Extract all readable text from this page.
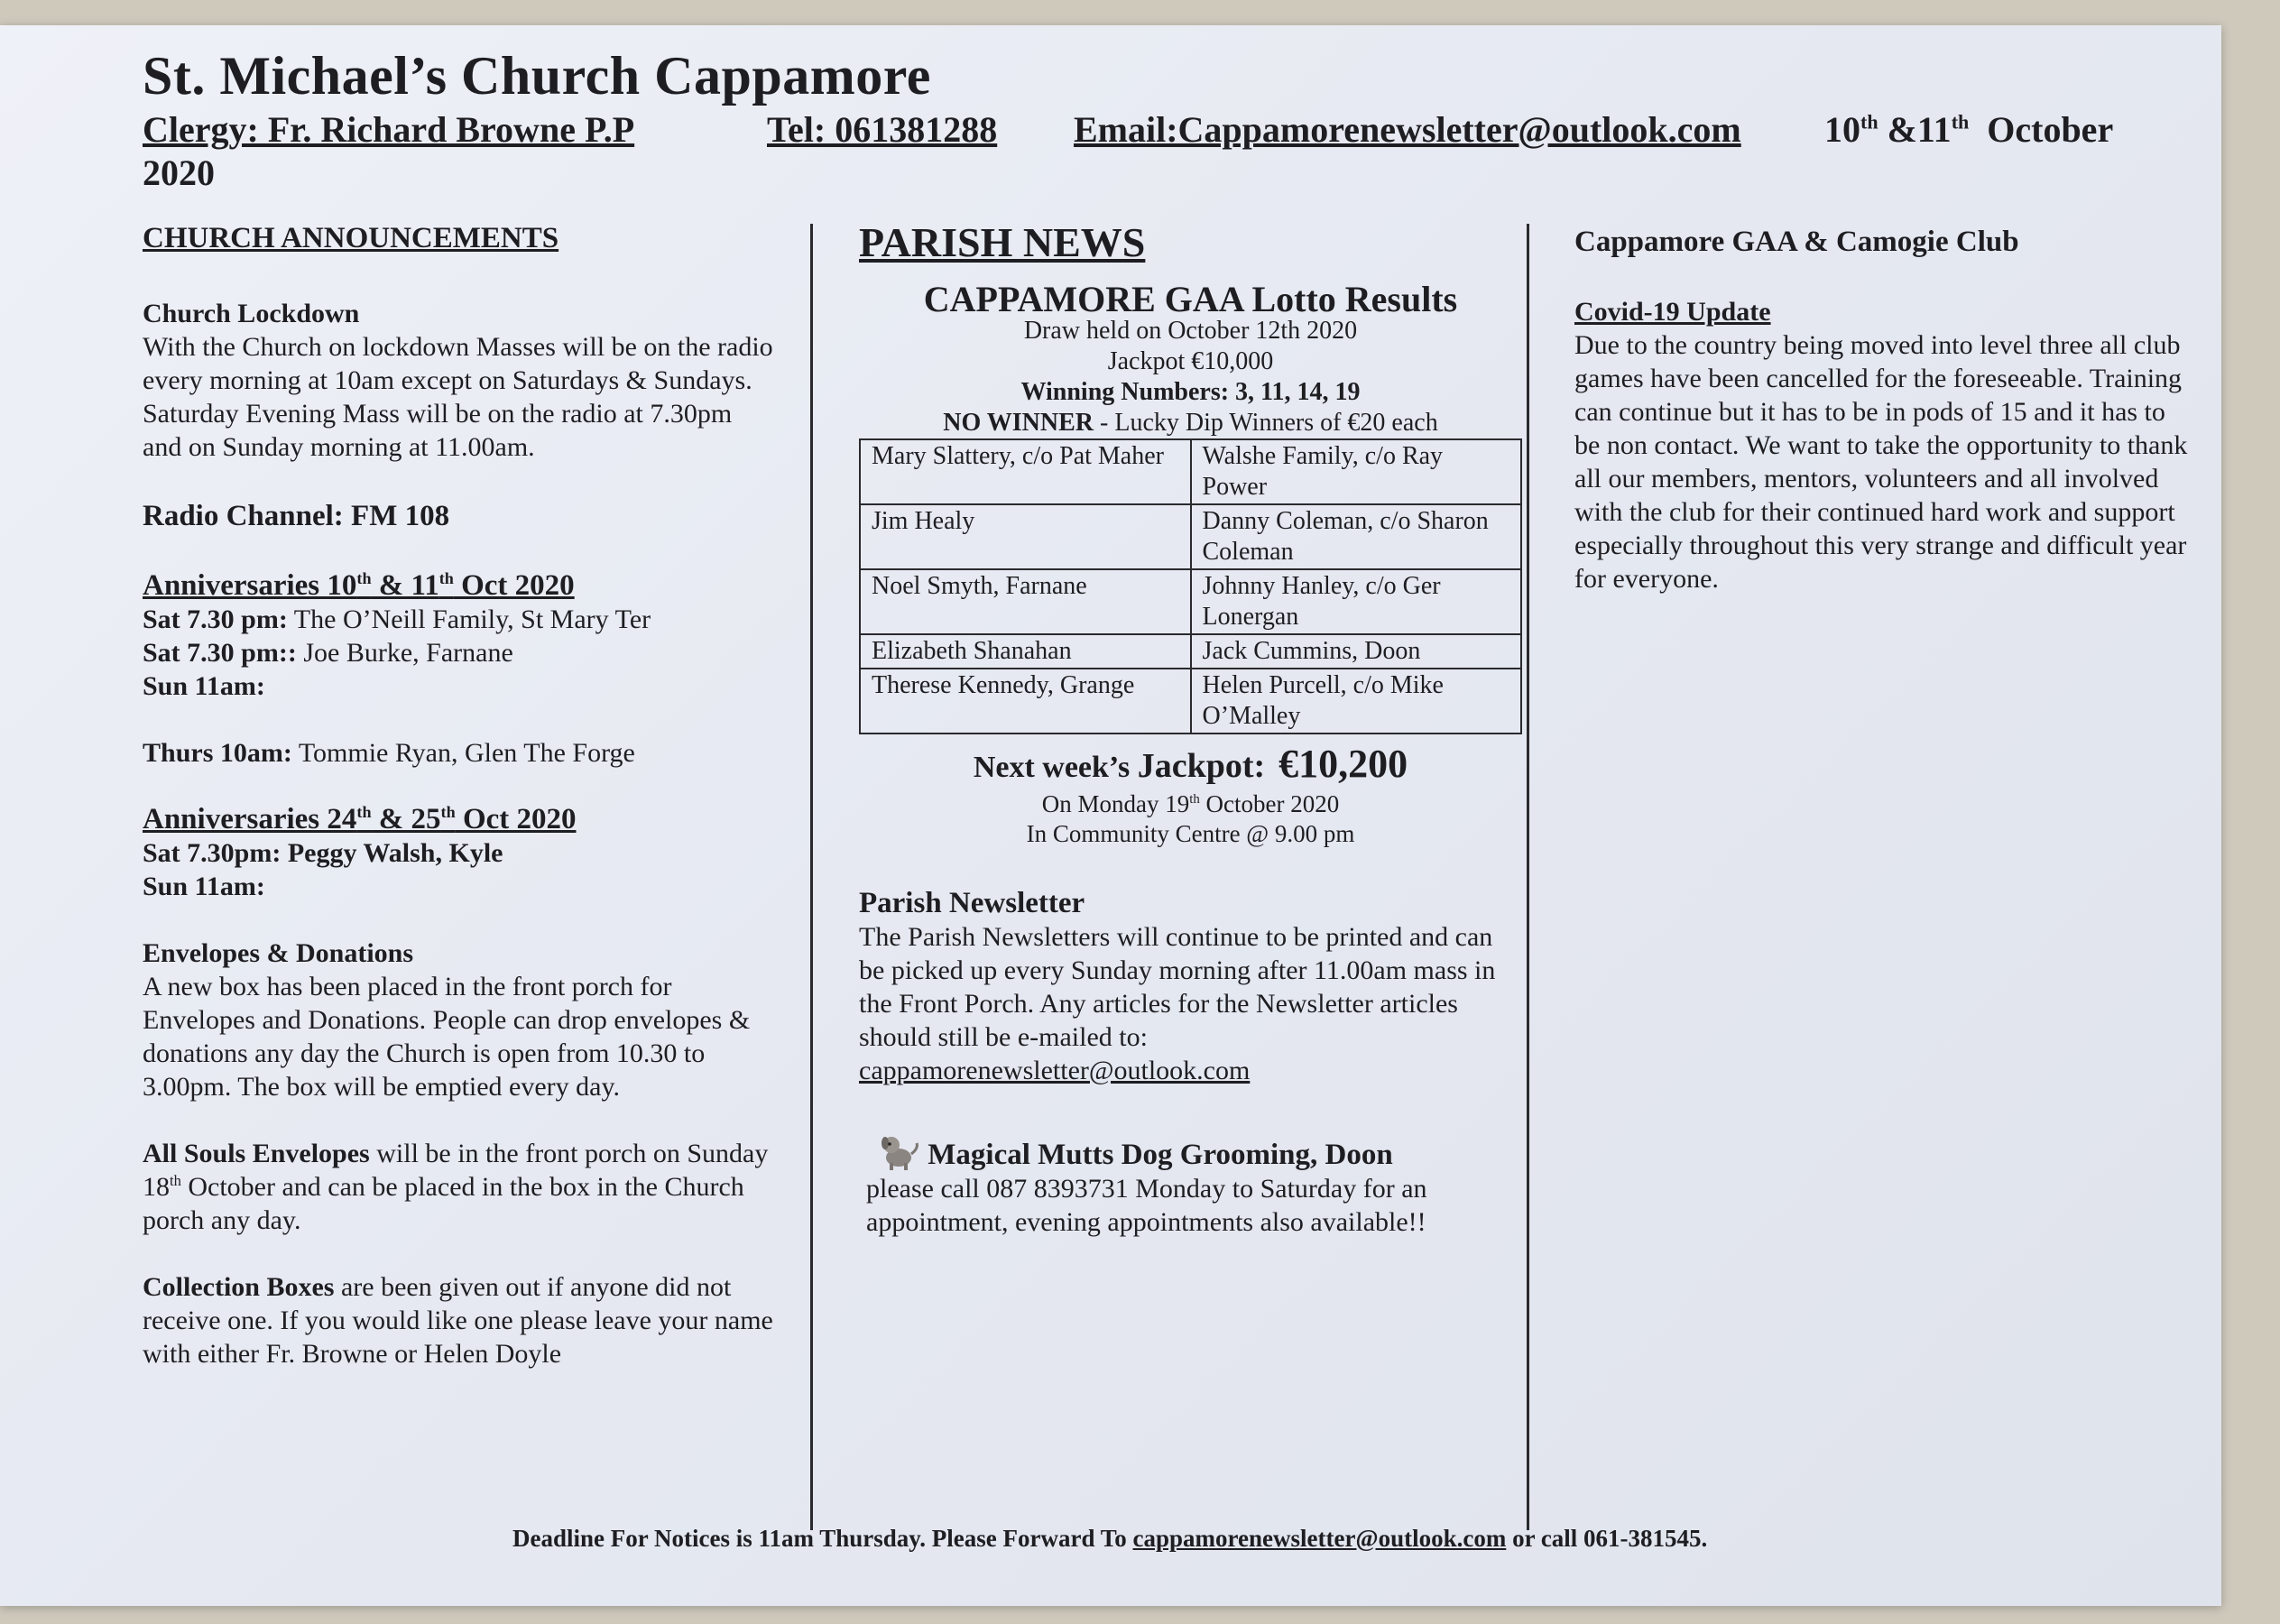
St. Michael’s Church Cappamore
Clergy: Fr. Richard Browne P.P	Tel: 061381288 Email:Cappamorenewsletter@outlook.com 10th &11th October
2020

CHURCH ANNOUNCEMENTS

Church Lockdown

With the Church on lockdown Masses will be on the radio every morning at 10am except on Saturdays & Sundays. Saturday Evening Mass will be on the radio at 7.30pm and on Sunday morning at 11.00am.

Radio Channel: FM 108

Anniversaries 10th & 11th Oct 2020

Sat 7.30 pm: The O’Neill Family, St Mary Ter

Sat 7.30 pm:: Joe Burke, Farnane

Sun 11am:

Thurs 10am: Tommie Ryan, Glen The Forge

Anniversaries 24th & 25th Oct 2020

Sat 7.30pm: Peggy Walsh, Kyle

Sun 11am:

Envelopes & Donations

A new box has been placed in the front porch for Envelopes and Donations. People can drop envelopes & donations any day the Church is open from 10.30 to 3.00pm. The box will be emptied every day.

All Souls Envelopes will be in the front porch on Sunday 18th October and can be placed in the box in the Church porch any day.

Collection Boxes are been given out if anyone did not receive one. If you would like one please leave your name with either Fr. Browne or Helen Doyle

PARISH NEWS

CAPPAMORE GAA Lotto Results

Draw held on October 12th 2020

Jackpot €10,000

Winning Numbers: 3, 11, 14, 19

NO WINNER - Lucky Dip Winners of €20 each

Mary Slattery, c/o Pat Maher	Walshe Family, c/o Ray Power
Jim Healy	Danny Coleman, c/o Sharon Coleman
Noel Smyth, Farnane	Johnny Hanley, c/o Ger Lonergan
Elizabeth Shanahan	Jack Cummins, Doon
Therese Kennedy, Grange	Helen Purcell, c/o Mike O’Malley

Next week’s Jackpot: €10,200

On Monday 19th October 2020

In Community Centre @ 9.00 pm

Parish Newsletter

The Parish Newsletters will continue to be printed and can be picked up every Sunday morning after 11.00am mass in the Front Porch. Any articles for the Newsletter articles should still be e-mailed to:

cappamorenewsletter@outlook.com

Magical Mutts Dog Grooming, Doon

please call 087 8393731 Monday to Saturday for an appointment, evening appointments also available!!

Cappamore GAA & Camogie Club

Covid-19 Update

Due to the country being moved into level three all club games have been cancelled for the foreseeable. Training can continue but it has to be in pods of 15 and it has to be non contact. We want to take the opportunity to thank all our members, mentors, volunteers and all involved with the club for their continued hard work and support especially throughout this very strange and difficult year for everyone.

Deadline For Notices is 11am Thursday. Please Forward To cappamorenewsletter@outlook.com or call 061-381545.
